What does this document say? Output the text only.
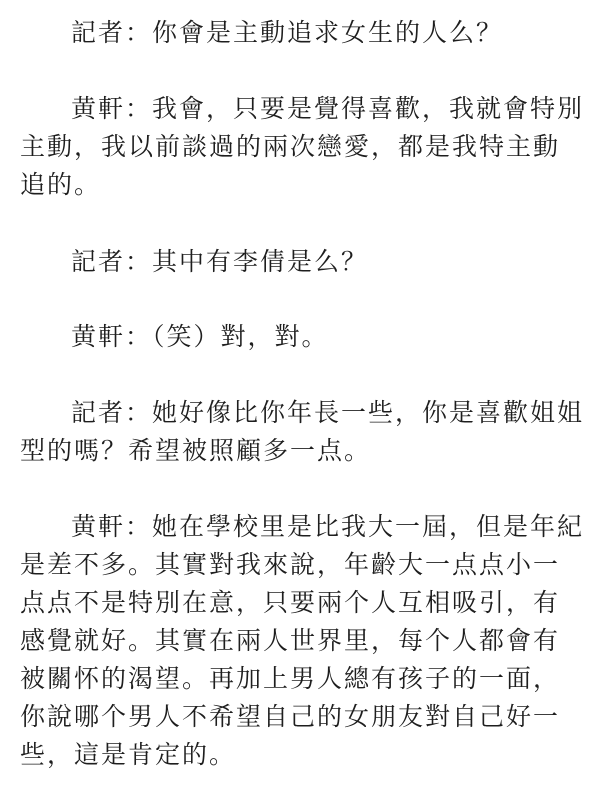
記者：你會是主動追求女生的人么？

黄軒：我會，只要是覺得喜歡，我就會特別主動，我以前談過的兩次戀愛，都是我特主動追的。

記者：其中有李倩是么？

黄軒：（笑）對，對。

記者：她好像比你年長一些，你是喜歡姐姐型的嗎？希望被照顧多一点。

黄軒：她在學校里是比我大一屆，但是年紀是差不多。其實對我來說，年齡大一点点小一点点不是特別在意，只要兩个人互相吸引，有感覺就好。其實在兩人世界里，每个人都會有被關怀的渴望。再加上男人總有孩子的一面，你說哪个男人不希望自己的女朋友對自己好一些，這是肯定的。
